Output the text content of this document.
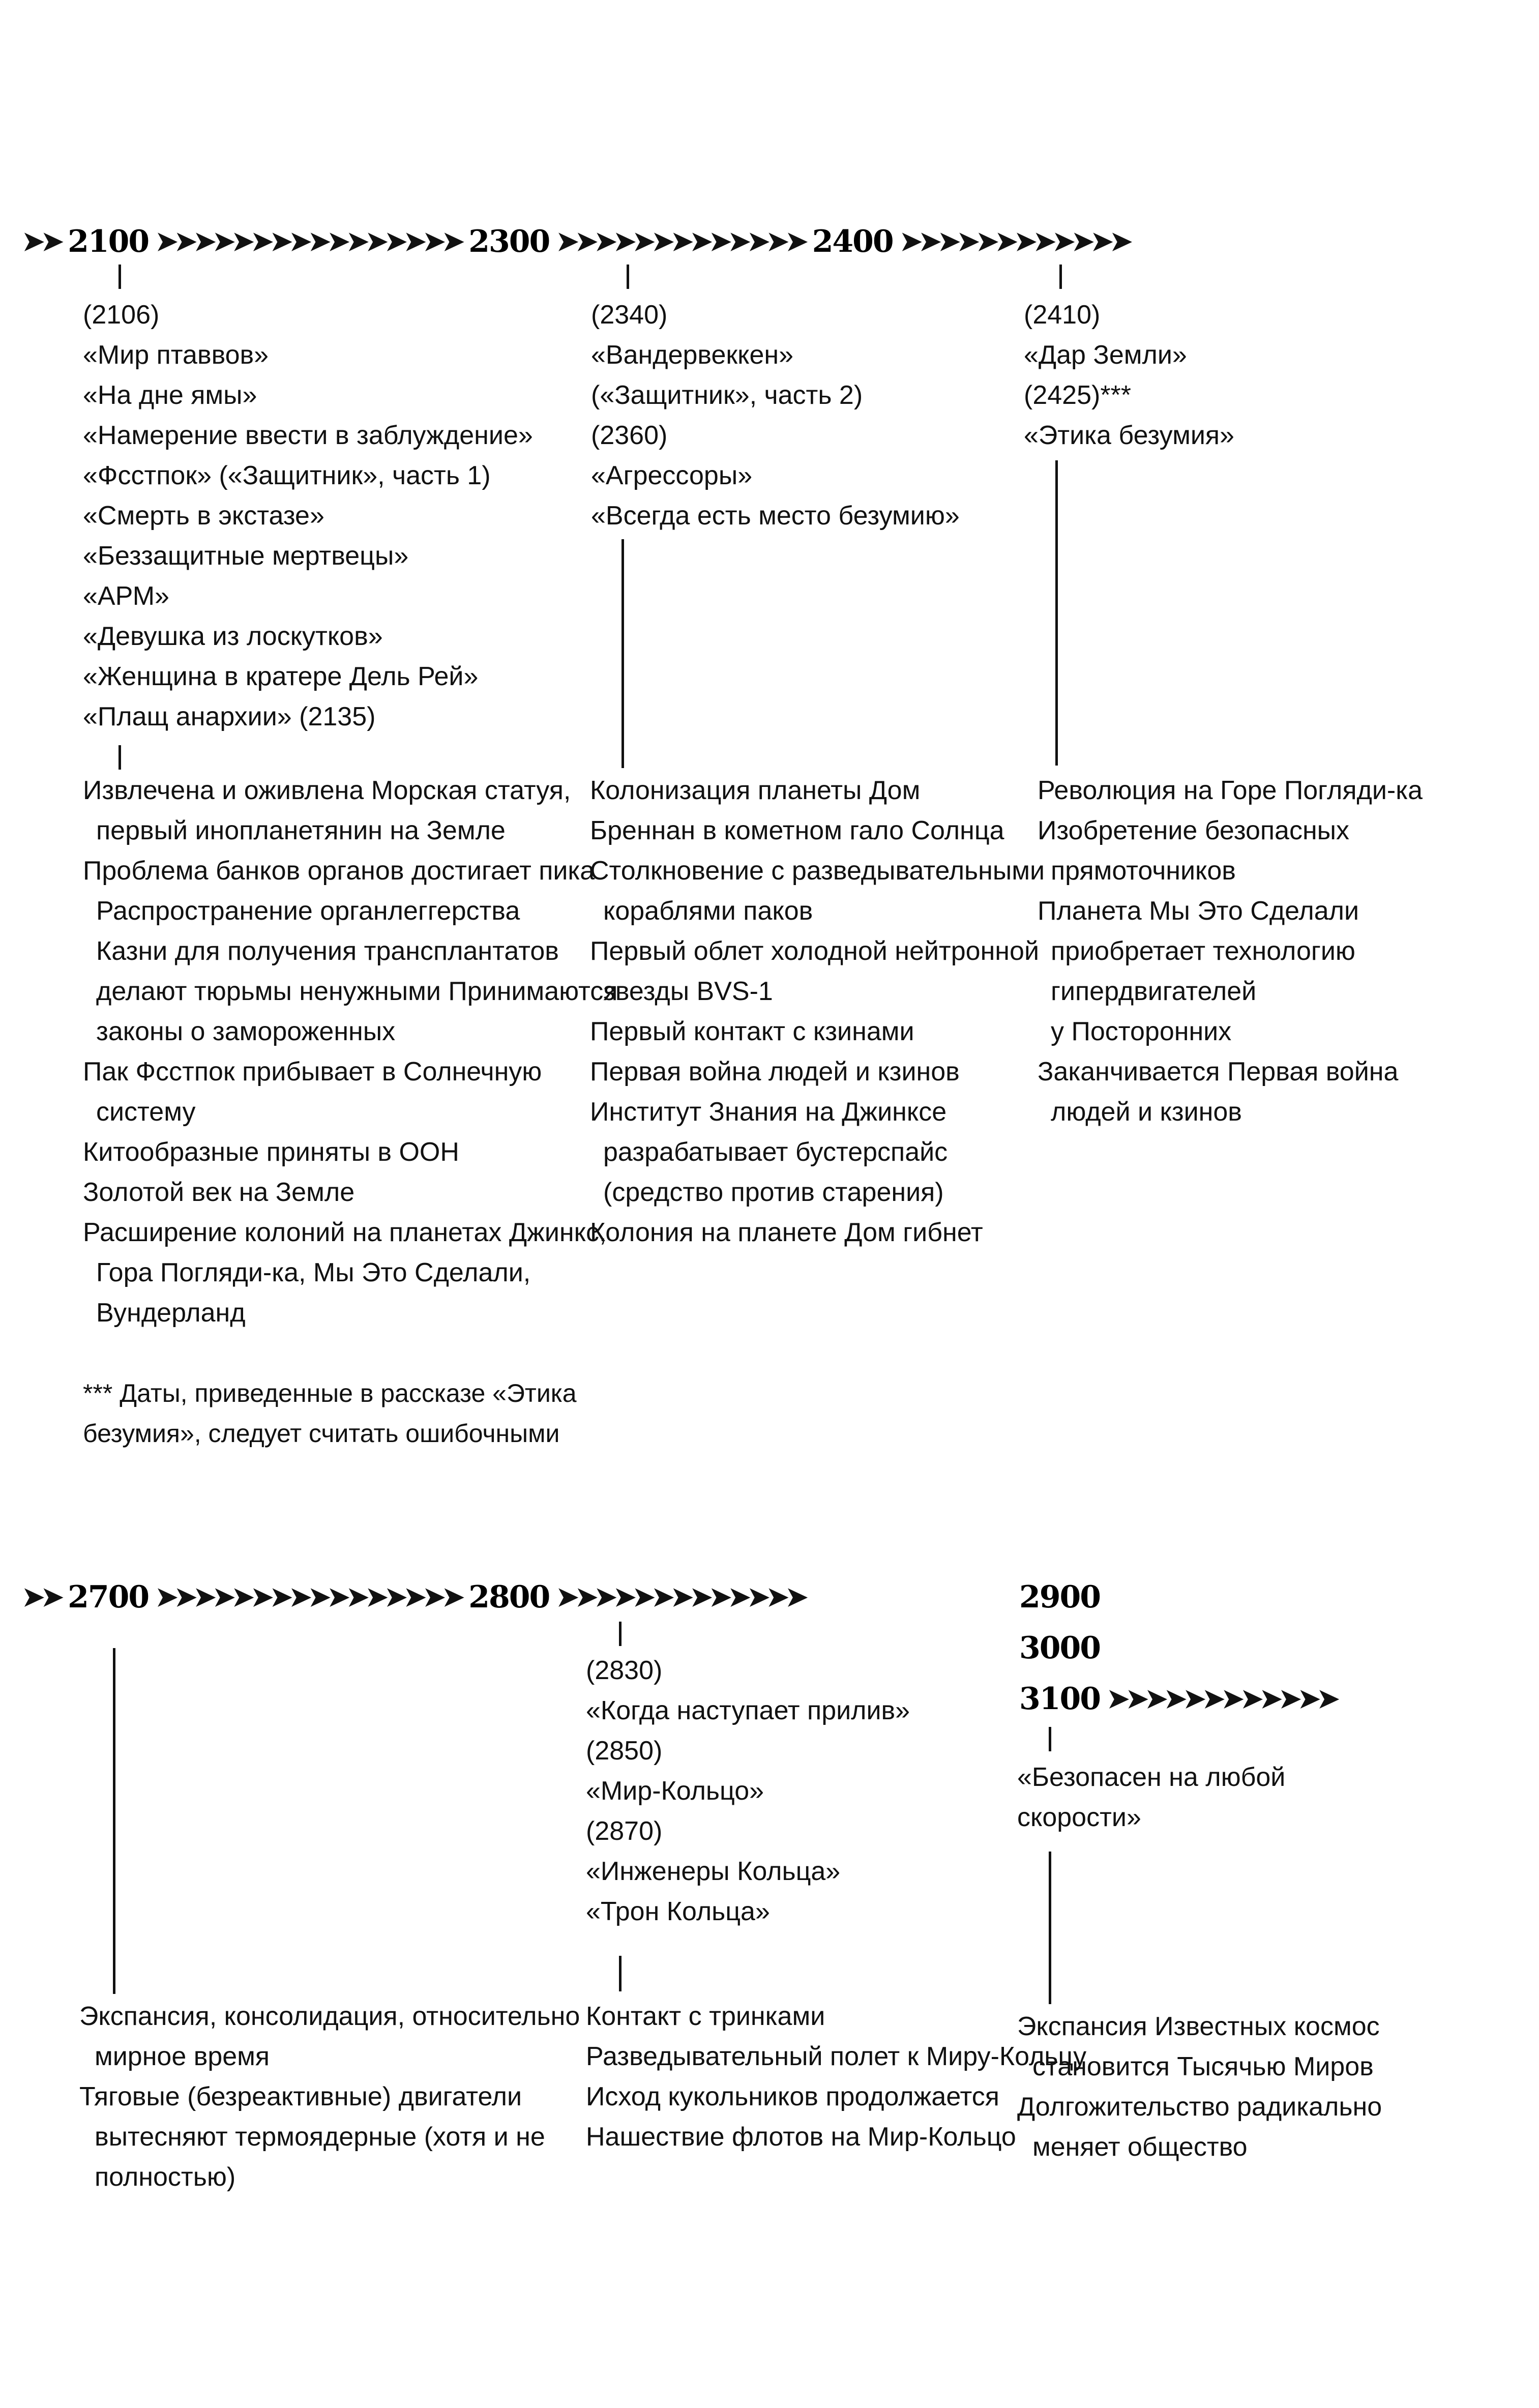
➤➤ 2100 ➤➤➤➤➤➤➤➤➤➤➤➤➤➤➤➤ 2300 ➤➤➤➤➤➤➤➤➤➤➤➤➤ 2400 ➤➤➤➤➤➤➤➤➤➤➤➤
(2106)
«Мир птаввов»
«На дне ямы»
«Намерение ввести в заблуждение»
«Фсстпок» («Защитник», часть 1)
«Смерть в экстазе»
«Беззащитные мертвецы»
«АРМ»
«Девушка из лоскутков»
«Женщина в кратере Дель Рей»
«Плащ анархии» (2135)
Извлечена и оживлена Морская статуя,
первый инопланетянин на Земле
Проблема банков органов достигает пика
Распространение органлеггерства
Казни для получения трансплантатов
делают тюрьмы ненужными Принимаются
законы о замороженных
Пак Фсстпок прибывает в Солнечную
систему
Китообразные приняты в ООН
Золотой век на Земле
Расширение колоний на планетах Джинкс,
Гора Погляди-ка, Мы Это Сделали,
Вундерланд
(2340)
«Вандервеккен»
(«Защитник», часть 2)
(2360)
«Агрессоры»
«Всегда есть место безумию»
Колонизация планеты Дом
Бреннан в кометном гало Солнца
Столкновение с разведывательными
кораблями паков
Первый облет холодной нейтронной
звезды BVS-1
Первый контакт с кзинами
Первая война людей и кзинов
Институт Знания на Джинксе
разрабатывает бустерспайс
(средство против старения)
Колония на планете Дом гибнет
(2410)
«Дар Земли»
(2425)***
«Этика безумия»
Революция на Горе Погляди-ка
Изобретение безопасных
прямоточников
Планета Мы Это Сделали
приобретает технологию
гипердвигателей
у Посторонних
Заканчивается Первая война
людей и кзинов
*** Даты, приведенные в рассказе «Этика
безумия», следует считать ошибочными
➤➤ 2700 ➤➤➤➤➤➤➤➤➤➤➤➤➤➤➤➤ 2800 ➤➤➤➤➤➤➤➤➤➤➤➤➤	2900
3000
3100 ➤➤➤➤➤➤➤➤➤➤➤➤
Экспансия, консолидация, относительно
мирное время
Тяговые (безреактивные) двигатели
вытесняют термоядерные (хотя и не
полностью)
(2830)
«Когда наступает прилив»
(2850)
«Мир-Кольцо»
(2870)
«Инженеры Кольца»
«Трон Кольца»
Контакт с тринками
Разведывательный полет к Миру-Кольцу
Исход кукольников продолжается
Нашествие флотов на Мир-Кольцо
«Безопасен на любой
скорости»
Экспансия Известных космос
становится Тысячью Миров
Долгожительство радикально
меняет общество
